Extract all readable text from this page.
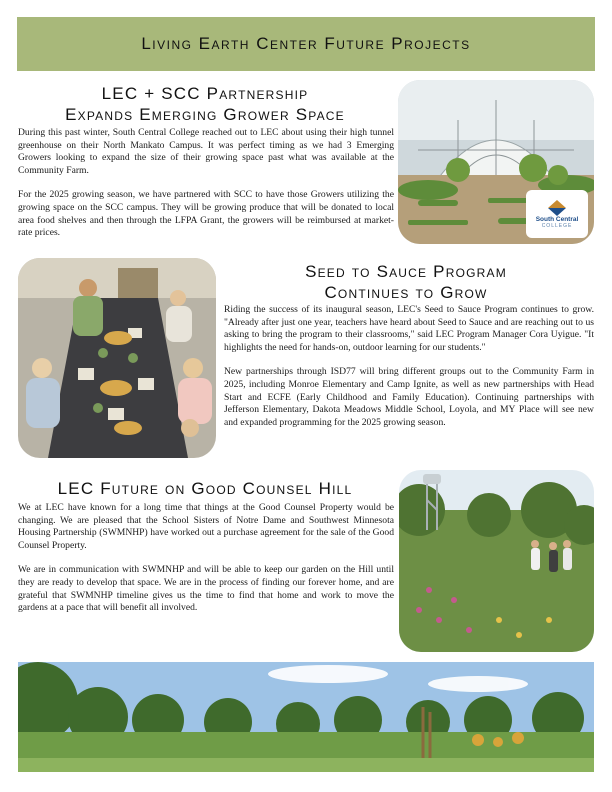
Living Earth Center Future Projects
LEC + SCC Partnership
Expands Emerging Grower Space

During this past winter, South Central College reached out to LEC about using their high tunnel greenhouse on their North Mankato Campus. It was perfect timing as we had 3 Emerging Growers looking to expand the size of their growing space past what was available at the Community Farm.

For the 2025 growing season, we have partnered with SCC to have those Growers utilizing the growing space on the SCC campus. They will be growing produce that will be donated to local area food shelves and then through the LFPA Grant, the growers will be reimbursed at market-rate prices.

South Central
COLLEGE
Seed to Sauce Program
Continues to Grow

Riding the success of its inaugural season, LEC's Seed to Sauce Program continues to grow. "Already after just one year, teachers have heard about Seed to Sauce and are reaching out to us asking to bring the program to their classrooms," said LEC Program Manager Cora Uyigue. "It highlights the need for hands-on, outdoor learning for our students."

New partnerships through ISD77 will bring different groups out to the Community Farm in 2025, including Monroe Elementary and Camp Ignite, as well as new partnerships with Head Start and ECFE (Early Childhood and Family Education). Continuing partnerships with Jefferson Elementary, Dakota Meadows Middle School, Loyola, and MY Place will see new and expanded programming for the 2025 growing season.

LEC Future on Good Counsel Hill

We at LEC have known for a long time that things at the Good Counsel Property would be changing. We are pleased that the School Sisters of Notre Dame and Southwest Minnesota Housing Partnership (SWMNHP) have worked out a purchase agreement for the sale of the Good Counsel Property.

We are in communication with SWMNHP and will be able to keep our garden on the Hill until they are ready to develop that space. We are in the process of finding our forever home, and are grateful that SWMNHP timeline gives us the time to find that home and work to move the gardens at a pace that will benefit all involved.
